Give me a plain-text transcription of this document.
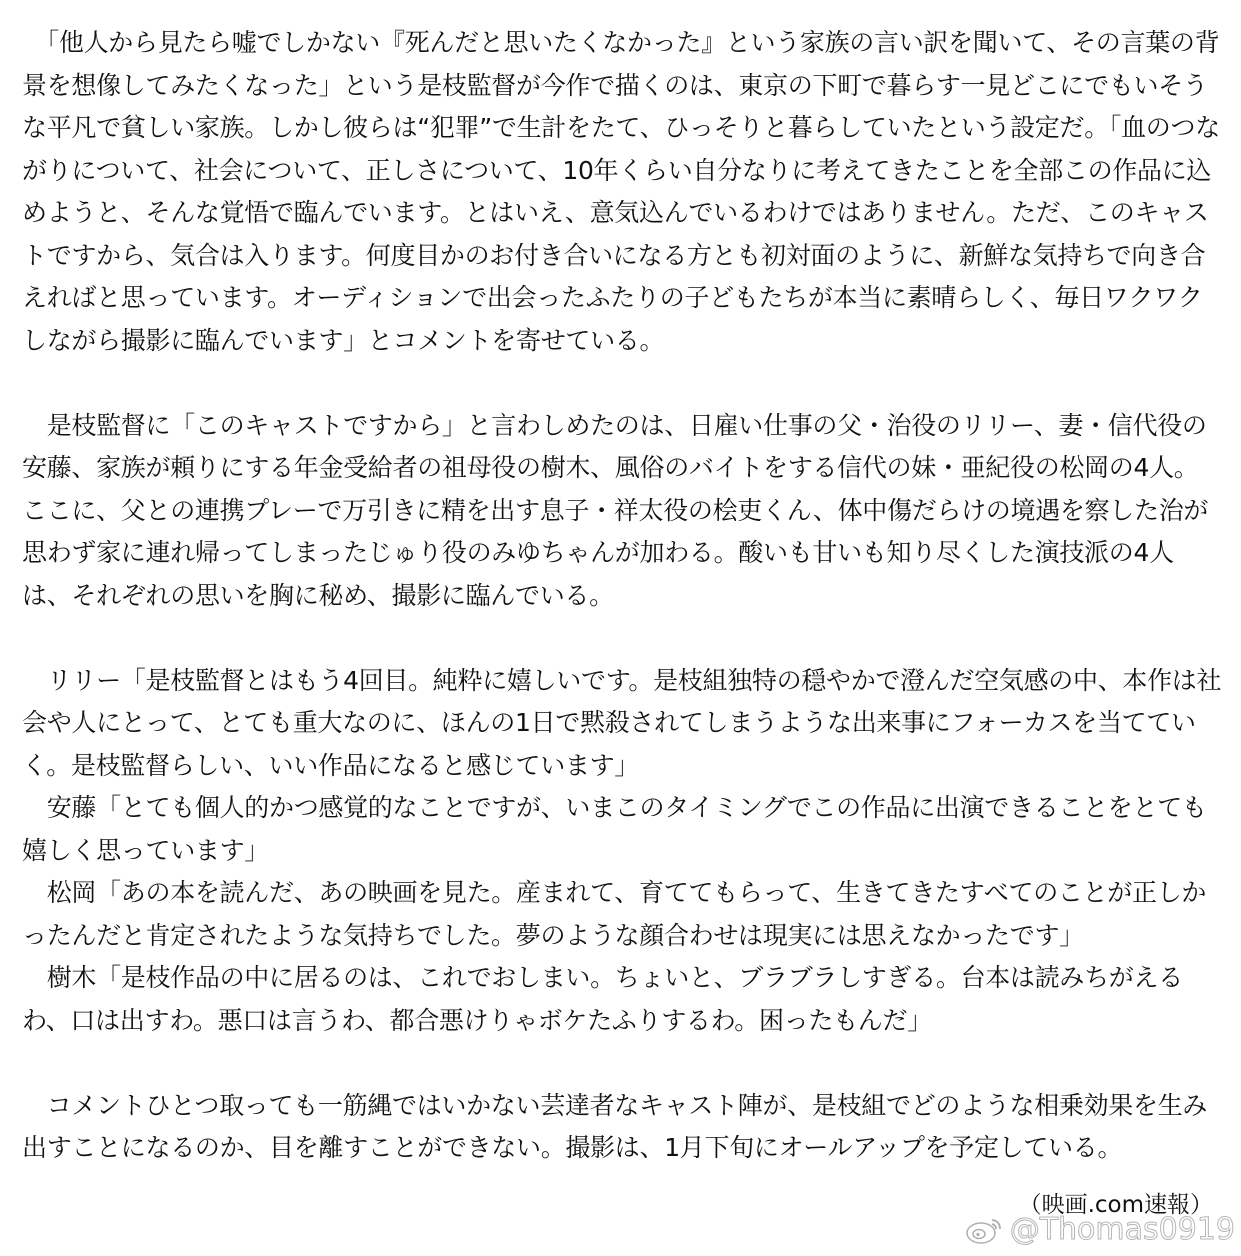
　「他人から見たら嘘でしかない『死んだと思いたくなかった』という家族の言い訳を聞いて、その言葉の背景を想像してみたくなった」という是枝監督が今作で描くのは、東京の下町で暮らす一見どこにでもいそうな平凡で貧しい家族。しかし彼らは“犯罪”で生計をたて、ひっそりと暮らしていたという設定だ。「血のつながりについて、社会について、正しさについて、10年くらい自分なりに考えてきたことを全部この作品に込めようと、そんな覚悟で臨んでいます。とはいえ、意気込んでいるわけではありません。ただ、このキャストですから、気合は入ります。何度目かのお付き合いになる方とも初対面のように、新鮮な気持ちで向き合えればと思っています。オーディションで出会ったふたりの子どもたちが本当に素晴らしく、毎日ワクワクしながら撮影に臨んでいます」とコメントを寄せている。

　是枝監督に「このキャストですから」と言わしめたのは、日雇い仕事の父・治役のリリー、妻・信代役の安藤、家族が頼りにする年金受給者の祖母役の樹木、風俗のバイトをする信代の妹・亜紀役の松岡の4人。ここに、父との連携プレーで万引きに精を出す息子・祥太役の桧吏くん、体中傷だらけの境遇を察した治が思わず家に連れ帰ってしまったじゅり役のみゆちゃんが加わる。酸いも甘いも知り尽くした演技派の4人は、それぞれの思いを胸に秘め、撮影に臨んでいる。

　リリー「是枝監督とはもう4回目。純粋に嬉しいです。是枝組独特の穏やかで澄んだ空気感の中、本作は社会や人にとって、とても重大なのに、ほんの1日で黙殺されてしまうような出来事にフォーカスを当てていく。是枝監督らしい、いい作品になると感じています」

　安藤「とても個人的かつ感覚的なことですが、いまこのタイミングでこの作品に出演できることをとても嬉しく思っています」

　松岡「あの本を読んだ、あの映画を見た。産まれて、育ててもらって、生きてきたすべてのことが正しかったんだと肯定されたような気持ちでした。夢のような顔合わせは現実には思えなかったです」

　樹木「是枝作品の中に居るのは、これでおしまい。ちょいと、ブラブラしすぎる。台本は読みちがえるわ、口は出すわ。悪口は言うわ、都合悪けりゃボケたふりするわ。困ったもんだ」

　コメントひとつ取っても一筋縄ではいかない芸達者なキャスト陣が、是枝組でどのような相乗効果を生み出すことになるのか、目を離すことができない。撮影は、1月下旬にオールアップを予定している。

（映画.com速報）
@Thomas0919
